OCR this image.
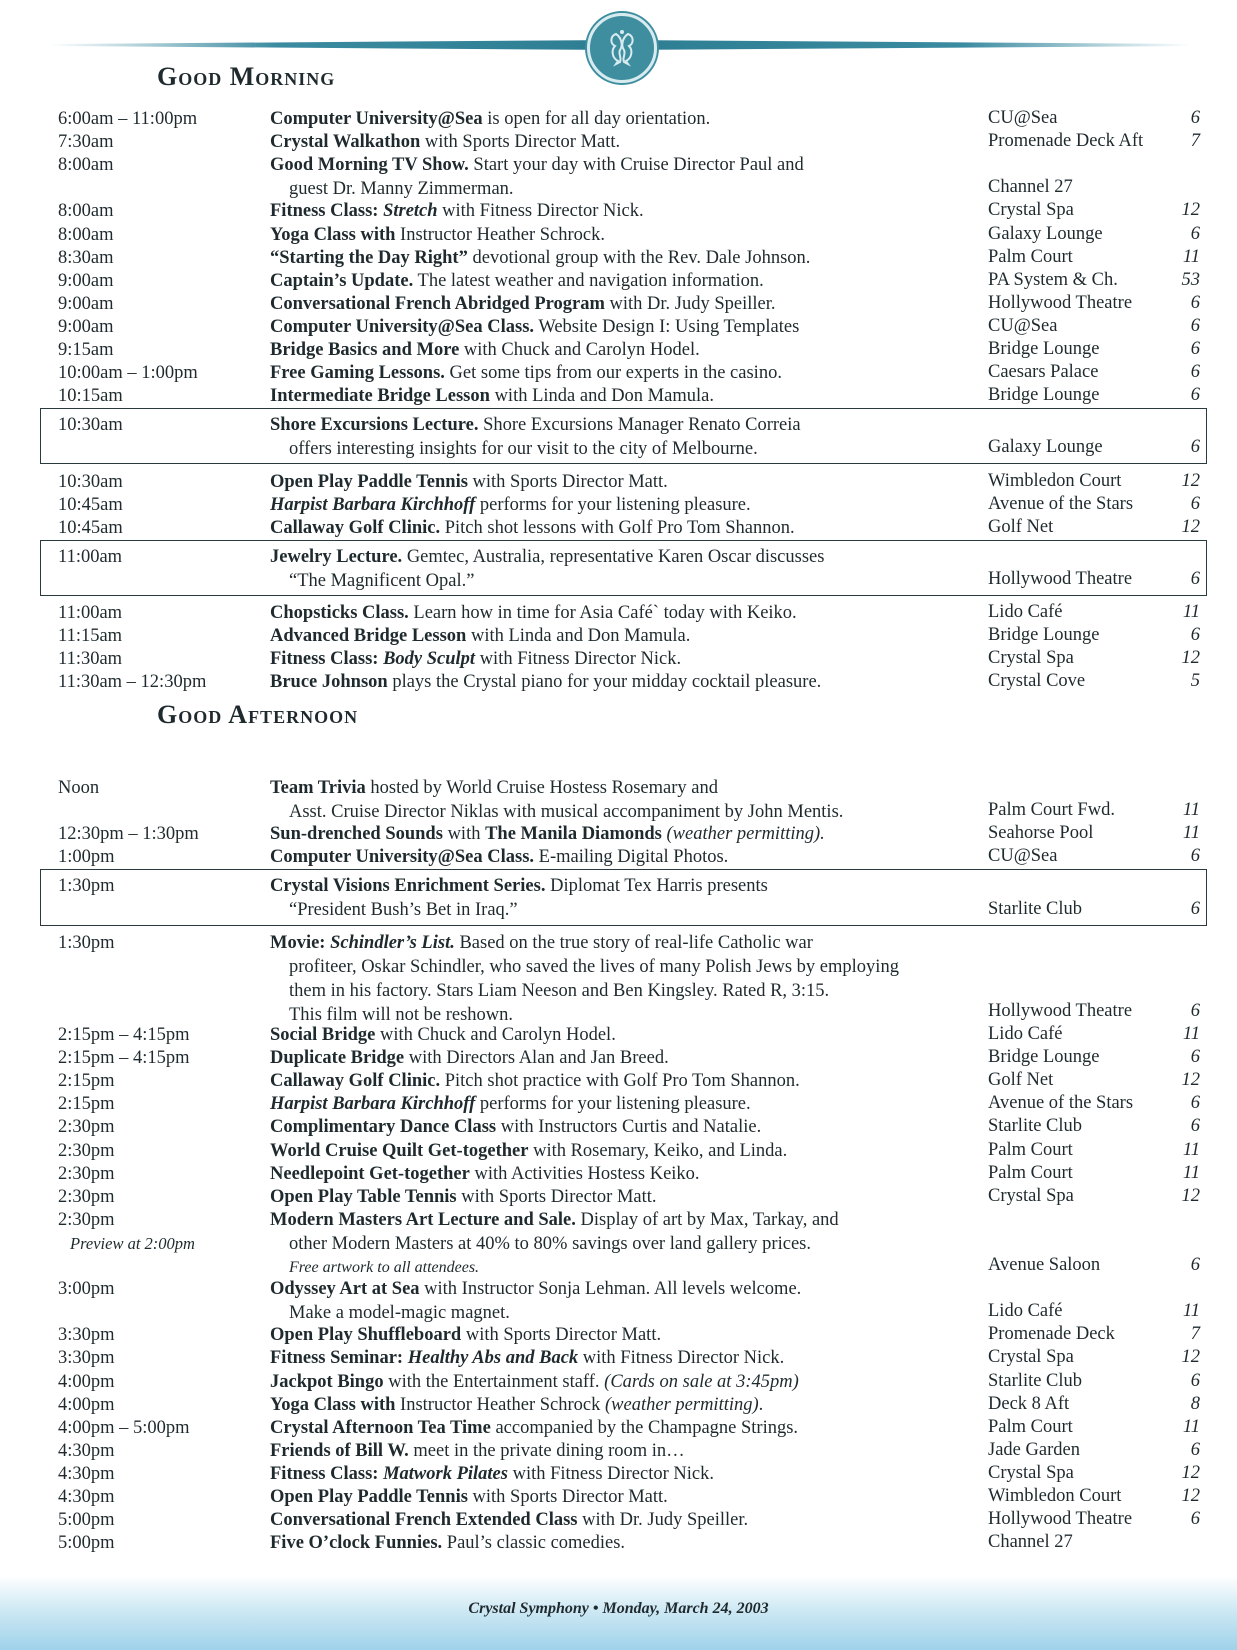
Good Morning
Good Afternoon
6:00am – 11:00pm	Computer University@Sea is open for all day orientation.	CU@Sea	6
7:30am	Crystal Walkathon with Sports Director Matt.	Promenade Deck Aft	7
8:00am	Good Morning TV Show. Start your day with Cruise Director Paul and
guest Dr. Manny Zimmerman.	Channel 27
8:00am	Fitness Class: Stretch with Fitness Director Nick.	Crystal Spa	12
8:00am	Yoga Class with Instructor Heather Schrock.	Galaxy Lounge	6
8:30am	“Starting the Day Right” devotional group with the Rev. Dale Johnson.	Palm Court	11
9:00am	Captain’s Update. The latest weather and navigation information.	PA System & Ch.	53
9:00am	Conversational French Abridged Program with Dr. Judy Speiller.	Hollywood Theatre	6
9:00am	Computer University@Sea Class. Website Design I: Using Templates	CU@Sea	6
9:15am	Bridge Basics and More with Chuck and Carolyn Hodel.	Bridge Lounge	6
10:00am – 1:00pm	Free Gaming Lessons. Get some tips from our experts in the casino.	Caesars Palace	6
10:15am	Intermediate Bridge Lesson with Linda and Don Mamula.	Bridge Lounge	6
10:30am	Shore Excursions Lecture. Shore Excursions Manager Renato Correia
offers interesting insights for our visit to the city of Melbourne.	Galaxy Lounge	6
10:30am	Open Play Paddle Tennis with Sports Director Matt.	Wimbledon Court	12
10:45am	Harpist Barbara Kirchhoff performs for your listening pleasure.	Avenue of the Stars	6
10:45am	Callaway Golf Clinic. Pitch shot lessons with Golf Pro Tom Shannon.	Golf Net	12
11:00am	Jewelry Lecture. Gemtec, Australia, representative Karen Oscar discusses
“The Magnificent Opal.”	Hollywood Theatre	6
11:00am	Chopsticks Class. Learn how in time for Asia Café` today with Keiko.	Lido Café	11
11:15am	Advanced Bridge Lesson with Linda and Don Mamula.	Bridge Lounge	6
11:30am	Fitness Class: Body Sculpt with Fitness Director Nick.	Crystal Spa	12
11:30am – 12:30pm	Bruce Johnson plays the Crystal piano for your midday cocktail pleasure.	Crystal Cove	5
Noon	Team Trivia hosted by World Cruise Hostess Rosemary and
Asst. Cruise Director Niklas with musical accompaniment by John Mentis.	Palm Court Fwd.	11
12:30pm – 1:30pm	Sun-drenched Sounds with The Manila Diamonds (weather permitting).	Seahorse Pool	11
1:00pm	Computer University@Sea Class. E-mailing Digital Photos.	CU@Sea	6
1:30pm	Crystal Visions Enrichment Series. Diplomat Tex Harris presents
“President Bush’s Bet in Iraq.”	Starlite Club	6
1:30pm	Movie: Schindler’s List. Based on the true story of real-life Catholic war
profiteer, Oskar Schindler, who saved the lives of many Polish Jews by employing
them in his factory. Stars Liam Neeson and Ben Kingsley. Rated R, 3:15.
This film will not be reshown.	Hollywood Theatre	6
2:15pm – 4:15pm	Social Bridge with Chuck and Carolyn Hodel.	Lido Café	11
2:15pm – 4:15pm	Duplicate Bridge with Directors Alan and Jan Breed.	Bridge Lounge	6
2:15pm	Callaway Golf Clinic. Pitch shot practice with Golf Pro Tom Shannon.	Golf Net	12
2:15pm	Harpist Barbara Kirchhoff performs for your listening pleasure.	Avenue of the Stars	6
2:30pm	Complimentary Dance Class with Instructors Curtis and Natalie.	Starlite Club	6
2:30pm	World Cruise Quilt Get-together with Rosemary, Keiko, and Linda.	Palm Court	11
2:30pm	Needlepoint Get-together with Activities Hostess Keiko.	Palm Court	11
2:30pm	Open Play Table Tennis with Sports Director Matt.	Crystal Spa	12
2:30pm
Preview at 2:00pm
Modern Masters Art Lecture and Sale. Display of art by Max, Tarkay, and
other Modern Masters at 40% to 80% savings over land gallery prices.
Free artwork to all attendees.	Avenue Saloon	6
3:00pm	Odyssey Art at Sea with Instructor Sonja Lehman. All levels welcome.
Make a model-magic magnet.	Lido Café	11
3:30pm	Open Play Shuffleboard with Sports Director Matt.	Promenade Deck	7
3:30pm	Fitness Seminar: Healthy Abs and Back with Fitness Director Nick.	Crystal Spa	12
4:00pm	Jackpot Bingo with the Entertainment staff. (Cards on sale at 3:45pm)	Starlite Club	6
4:00pm	Yoga Class with Instructor Heather Schrock (weather permitting).	Deck 8 Aft	8
4:00pm – 5:00pm	Crystal Afternoon Tea Time accompanied by the Champagne Strings.	Palm Court	11
4:30pm	Friends of Bill W. meet in the private dining room in…	Jade Garden	6
4:30pm	Fitness Class: Matwork Pilates with Fitness Director Nick.	Crystal Spa	12
4:30pm	Open Play Paddle Tennis with Sports Director Matt.	Wimbledon Court	12
5:00pm	Conversational French Extended Class with Dr. Judy Speiller.	Hollywood Theatre	6
5:00pm	Five O’clock Funnies. Paul’s classic comedies.	Channel 27
Crystal Symphony • Monday, March 24, 2003
